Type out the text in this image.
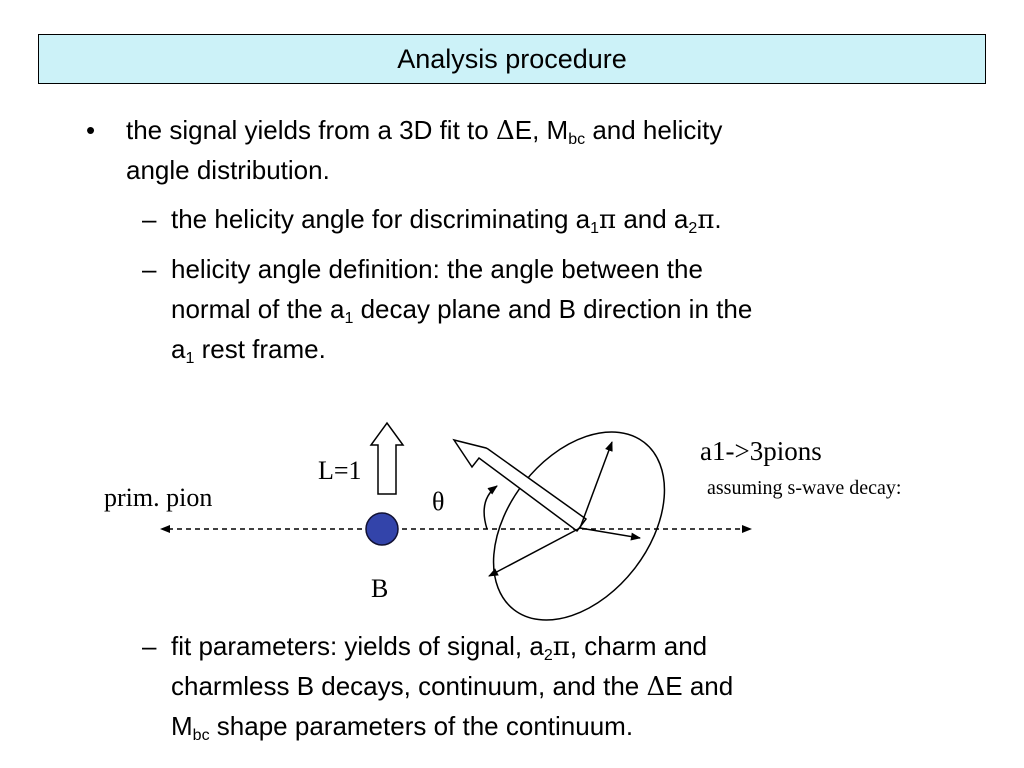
Analysis procedure
• the signal yields from a 3D fit to ΔE, $M_{bc}$ and helicity
angle distribution.
– the helicity angle for discriminating $a_1\pi$ and $a_2\pi$.
– helicity angle definition: the angle between the
normal of the $a_1$ decay plane and B direction in the
$a_1$ rest frame.
L=1
prim. pion	θ
B
a1->3pions
assuming s-wave decay:
– fit parameters: yields of signal, $a_2\pi$, charm and
charmless B decays, continuum, and the ΔE and
$M_{bc}$ shape parameters of the continuum.
